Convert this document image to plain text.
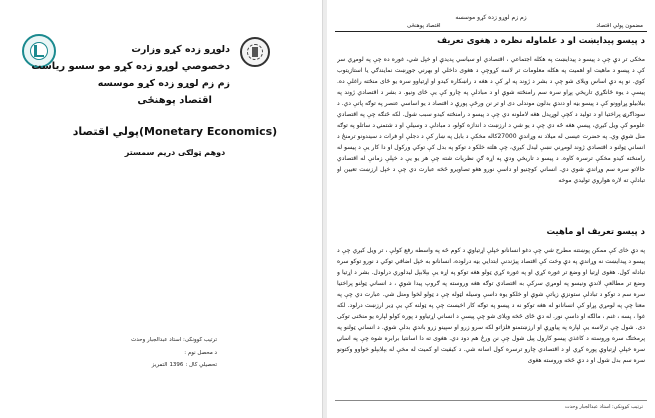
دلوړو زده کړو وزارت
دخصوصي لوړو زده کړو مو سسو رياست
زم زم لوړو زده کړو موسسه
اقتصاد پوهنځی
پولي اقتصاد(Monetary Economics)
دوهم ټولګی دريم سمستر
ترتيب کوونکی: استاد عبدالجبار وحدت
د محصل نوم :
تحصيلي کال :1396التمريز
زم زم لوړو زده کړو موسسه
اقتصاد پوهنځی	مضمون پولي اقتصاد
د پیسو پیدایښت او د علماوله نظره د هغوی تعریف
مخکی تر دې چې د پیسو د پیدایښت په هکله اجتماعي ، اقتصادي او سیاسي پدیدې او خپل شي، غوره ده چې په لومړي سر کې د پیسو د ماهیت او اهمیت په هکله معلومات تر لاسه کړوچې د هغوی داخلي او بهرني جوړښت نمایندګي یا استازیتوب کوي. نو په دې اساس ویلای شو چې د بشر د ژوند په لړ کې د هغه د راښکاره کیدو او اړتیاوو سره یو ځای منځته راغلې ده. پیسې د یوه ځانګړي تاریخي پړاو سره سم رامنځته شوې او د مبادلې په چارو کې یې ځای ونیو. د بشر د اقتصادي ژوند په بیلابیلو پړاوونو کې د پیسو بڼه او دندې بدلون موندلی دی او تر نن ورځې پورې د اقتصاد د یو اساسي عنصر په توګه پاتې دي. د سوداګرۍ پراختیا او د تولید د کچې لوړیدل هغه لاملونه دي چې د پیسو د رامنځته کیدو سبب شول. لکه څنګه چې په اقتصادي علومو کې ویل کیږي، پیسې هغه څه دي چې د یو شي د ارزښت د اندازه کولو، د مبادلې د وسیلې او د شتمنۍ د ساتلو په توګه منل شوې وي. په حضرت عیسی له میلاد نه وړاندې 27000کاله مخکې د بابل په ښار کې د دجلې او فرات د سیندونو ترمنځ د انساني ټولنو د اقتصادي ژوند لومړني نښې لیدل کیږي، چې هلته خلکو د توکو په بدل کې توکي ورکول او دا کار یې د پیسو له رامنځته کیدو مخکې ترسره کاوه. د پیسو د تاریخي ودې په اړه ګڼ نظریات شته چې هر یو یې د خپلې زمانې له اقتصادي حالاتو سره سم وړاندې شوي دي. انساني کوچنیو او داسې نورو هغو تصاویرو څخه عبارت دي چې د خپل ارزښت تعیین او تبادلې ته لاره هواروي تولیدي موخه
د پیسو تعریف او ماهیت
په دې خای کې ممکن پوښتنه مطرح شي چې دغو انسانانو خپلې اړتیاوې د کوم څه په واسطه رفع کولې ، تر ویل کیږي چې د پیسو د پیدایښت نه وړاندې په دې وخت کې اقتصاد پیژندنې ابتدایي بڼه درلوده، انسانانو به خپل اضافي توکي د نورو توکو سره تبادله کول. هغوی اړتیا او وضع تر غوره کړي او په غوره کړي ټولو هغه توکو په اړه یې بېلابېل لیدلوري درلودل. بشر د اړتیا و وضع تر مطالعې لاندې ونیسو په لومړي سرکې به اقتصادي توګه هغه وروسته په ګروپ پیدا شوې ، د انساني ټولنو پراختیا سره سم د توکو د تبادلې ستونزې زیاتې شوې او خلکو یوه داسې وسیله لټوله چې د ټولو لخوا ومنل شي. عبارت دي چې په معنا چې په لومړي پړاو کې انسانانو له هغه توکو نه د پیسو په توګه کار اخیست چې په ټولنه کې یې ډیر ارزښت درلود. لکه غوا ، پسه ، غنم ، مالګه او داسې نور. له دې ځای څخه ویلای شو چې پیسې د انساني اړتیاوو د پوره کولو لپاره یو منځنی توکی دی. شول چې ترلاسه یې لپاره په پیاوړې او ارزښتمنو فلزاتو لکه سرو زرو او سپینو زرو باندې بدلې شوې. د انساني ټولنو په پرمختګ سره وروسته د کاغذي پیسو کارول پیل شول چې نن ورځ هم دود دي. هغوی ته دا اسانتیا برابره شوه چې په اسانۍ سره خپلې اړتیاوې پوره کړي او د اقتصادي چارو ترسره کول اسانه شي. د کیفیت او کمیت له مخې له بېلابېلو خواوو وکتونو سره سم بدل شول او د دې څخه وروسته هغوی
ترتيب کوونکی: استاد عبدالجبار وحدت
